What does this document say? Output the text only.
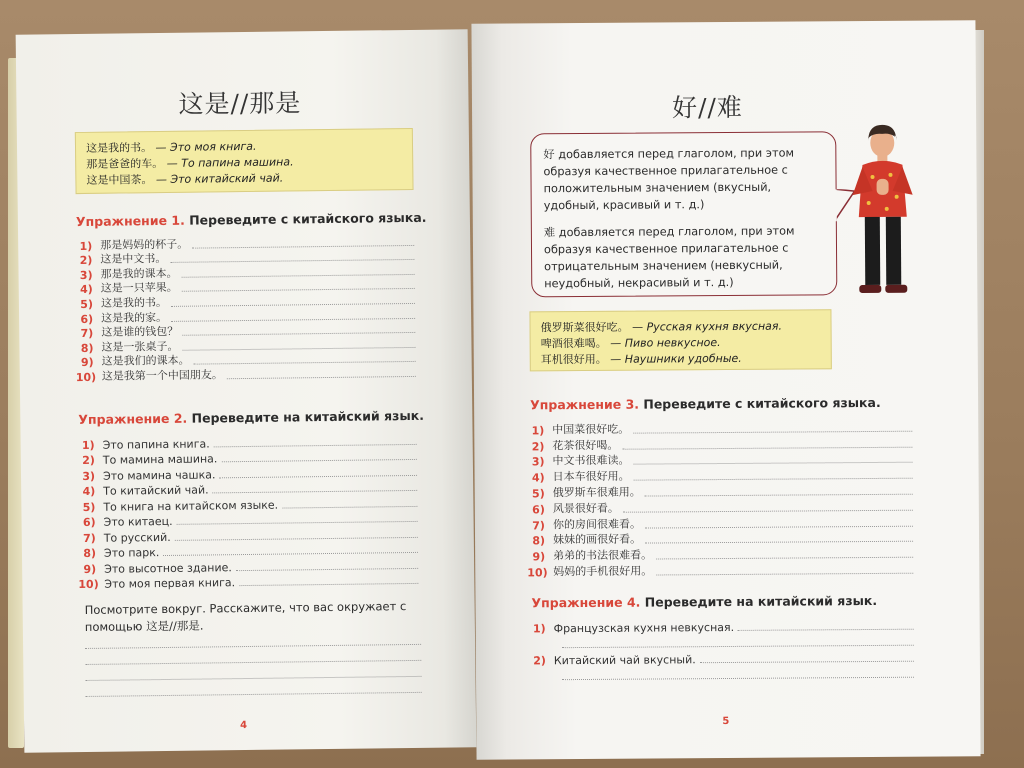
这是//那是
这是我的书。 — Это моя книга.
那是爸爸的车。 — То папина машина.
这是中国茶。 — Это китайский чай.
Упражнение 1. Переведите с китайского языка.
1) 那是妈妈的杯子。
2) 这是中文书。
3) 那是我的课本。
4) 这是一只苹果。
5) 这是我的书。
6) 这是我的家。
7) 这是谁的钱包？
8) 这是一张桌子。
9) 这是我们的课本。
10) 这是我第一个中国朋友。
Упражнение 2. Переведите на китайский язык.
1) Это папина книга.
2) То мамина машина.
3) Это мамина чашка.
4) То китайский чай.
5) То книга на китайском языке.
6) Это китаец.
7) То русский.
8) Это парк.
9) Это высотное здание.
10) Это моя первая книга.
Посмотрите вокруг. Расскажите, что вас окружает с помощью 这是//那是.
4
好//难

好 добавляется перед глаголом, при этом образуя качественное прилагательное с положительным значением (вкусный, удобный, красивый и т. д.)

难 добавляется перед глаголом, при этом образуя качественное прилагательное с отрицательным значением (невкусный, неудобный, некрасивый и т. д.)

俄罗斯菜很好吃。 — Русская кухня вкусная.
啤酒很难喝。 — Пиво невкусное.
耳机很好用。 — Наушники удобные.
Упражнение 3. Переведите с китайского языка.
1) 中国菜很好吃。
2) 花茶很好喝。
3) 中文书很难读。
4) 日本车很好用。
5) 俄罗斯车很难用。
6) 风景很好看。
7) 你的房间很难看。
8) 妹妹的画很好看。
9) 弟弟的书法很难看。
10) 妈妈的手机很好用。
Упражнение 4. Переведите на китайский язык.
1) Французская кухня невкусная.
2) Китайский чай вкусный.
5
